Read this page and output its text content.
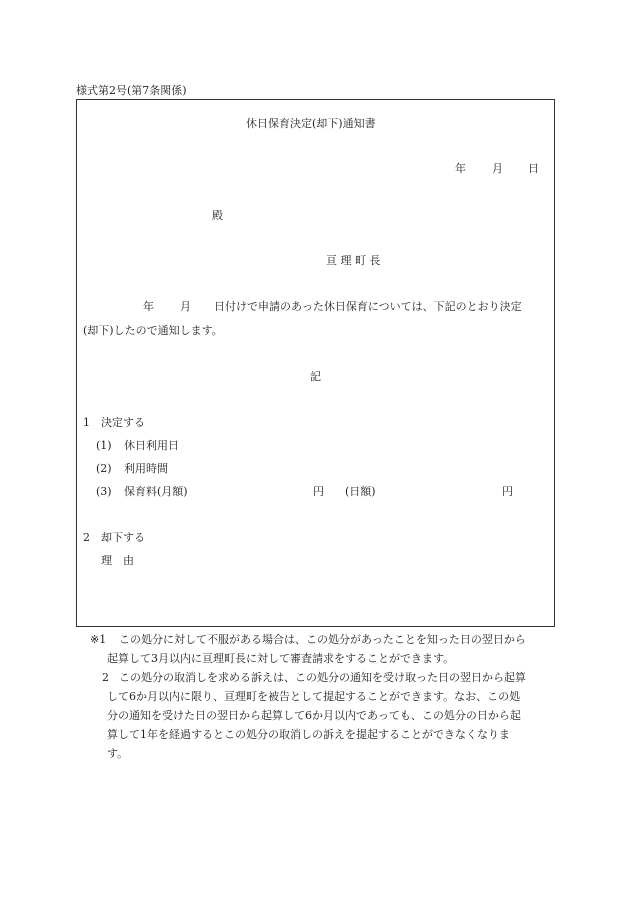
様式第2号(第7条関係)
休日保育決定(却下)通知書
年 月 日
殿
亘 理 町 長
年 月 日付けで申請のあった休日保育については、下記のとおり決定
(却下)したので通知します。
記
1　決定する
(1) 休日利用日
(2) 利用時間
(3) 保育料(月額)	円 (日額)	円
2　却下する
理　由
※1 この処分に対して不服がある場合は、この処分があったことを知った日の翌日から
起算して3月以内に亘理町長に対して審査請求をすることができます。
2 この処分の取消しを求める訴えは、この処分の通知を受け取った日の翌日から起算
して6か月以内に限り、亘理町を被告として提起することができます。なお、この処
分の通知を受けた日の翌日から起算して6か月以内であっても、この処分の日から起
算して1年を経過するとこの処分の取消しの訴えを提起することができなくなりま
す。
